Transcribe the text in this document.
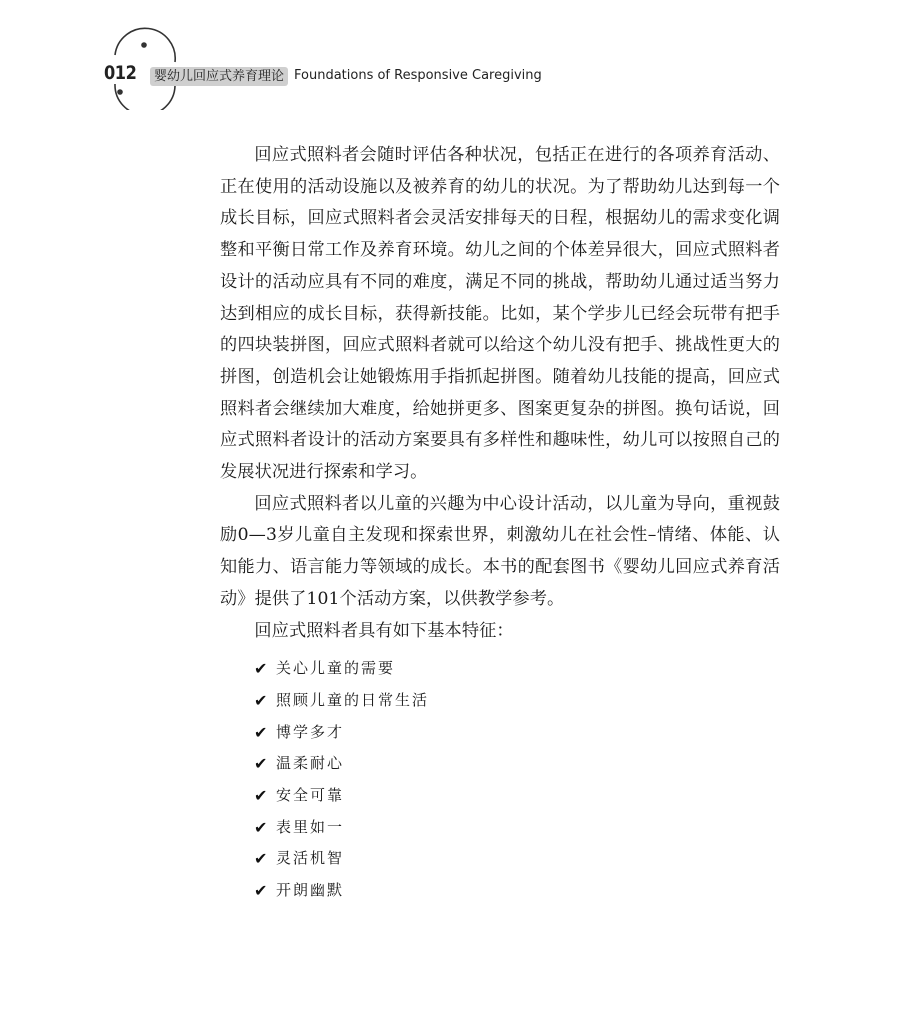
012	婴幼儿回应式养育理论 Foundations of Responsive Caregiving

回应式照料者会随时评估各种状况，包括正在进行的各项养育活动、正在使用的活动设施以及被养育的幼儿的状况。为了帮助幼儿达到每一个成长目标，回应式照料者会灵活安排每天的日程，根据幼儿的需求变化调整和平衡日常工作及养育环境。幼儿之间的个体差异很大，回应式照料者设计的活动应具有不同的难度，满足不同的挑战，帮助幼儿通过适当努力达到相应的成长目标，获得新技能。比如，某个学步儿已经会玩带有把手的四块装拼图，回应式照料者就可以给这个幼儿没有把手、挑战性更大的拼图，创造机会让她锻炼用手指抓起拼图。随着幼儿技能的提高，回应式照料者会继续加大难度，给她拼更多、图案更复杂的拼图。换句话说，回应式照料者设计的活动方案要具有多样性和趣味性，幼儿可以按照自己的发展状况进行探索和学习。

回应式照料者以儿童的兴趣为中心设计活动，以儿童为导向，重视鼓励0—3岁儿童自主发现和探索世界，刺激幼儿在社会性–情绪、体能、认知能力、语言能力等领域的成长。本书的配套图书《婴幼儿回应式养育活动》提供了101个活动方案，以供教学参考。

回应式照料者具有如下基本特征：

✔ 关心儿童的需要
✔ 照顾儿童的日常生活
✔ 博学多才
✔ 温柔耐心
✔ 安全可靠
✔ 表里如一
✔ 灵活机智
✔ 开朗幽默
